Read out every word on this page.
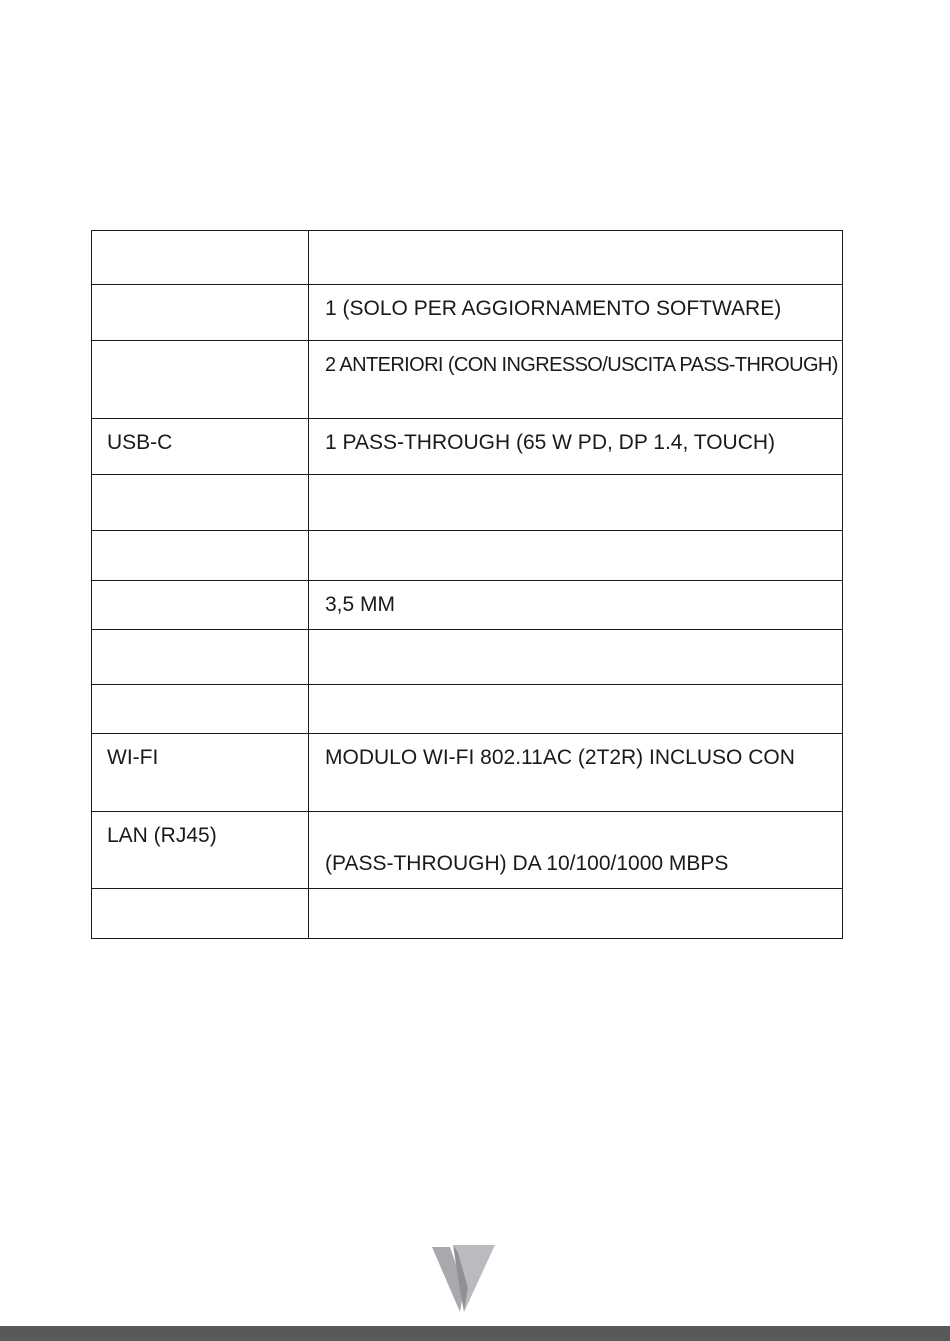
	1 (SOLO PER AGGIORNAMENTO SOFTWARE)

	2 ANTERIORI (CON INGRESSO/USCITA PASS-THROUGH)

USB-C	1 PASS-THROUGH (65 W PD, DP 1.4, TOUCH)

	3,5 MM

WI-FI	MODULO WI-FI 802.11AC (2T2R) INCLUSO CON

LAN (RJ45)	(PASS-THROUGH) DA 10/100/1000 MBPS
